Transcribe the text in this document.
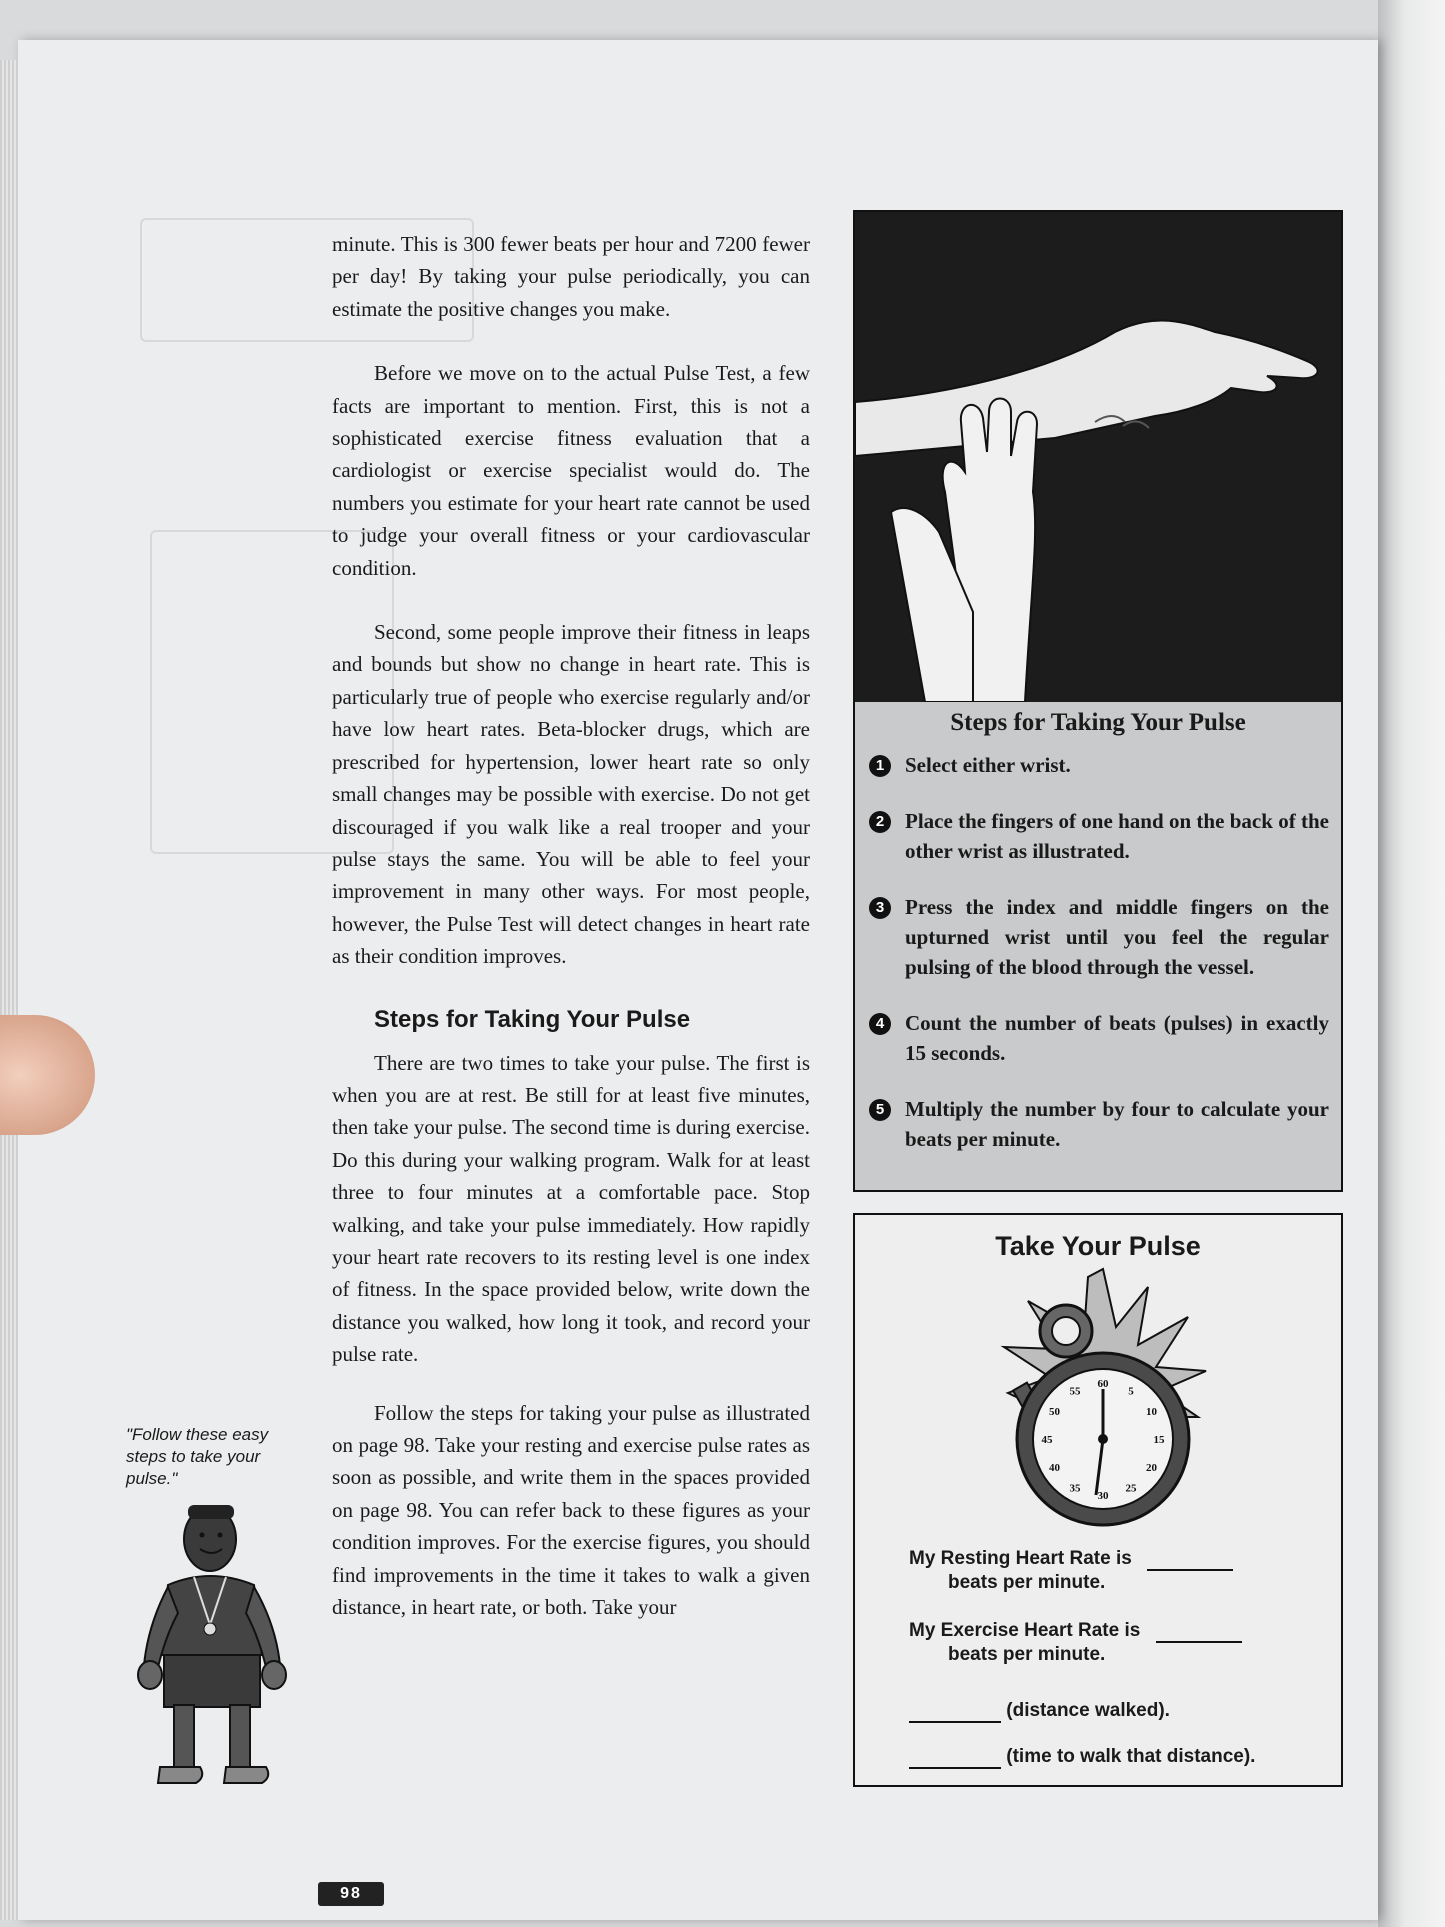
minute. This is 300 fewer beats per hour and 7200 fewer per day! By taking your pulse periodically, you can estimate the positive changes you make.

Before we move on to the actual Pulse Test, a few facts are important to mention. First, this is not a sophisticated exercise fitness evaluation that a cardiologist or exercise specialist would do. The numbers you estimate for your heart rate cannot be used to judge your overall fitness or your cardiovascular condition.

Second, some people improve their fitness in leaps and bounds but show no change in heart rate. This is particularly true of people who exercise regularly and/or have low heart rates. Beta-blocker drugs, which are prescribed for hypertension, lower heart rate so only small changes may be possible with exercise. Do not get discouraged if you walk like a real trooper and your pulse stays the same. You will be able to feel your improvement in many other ways. For most people, however, the Pulse Test will detect changes in heart rate as their condition improves.

Steps for Taking Your Pulse

There are two times to take your pulse. The first is when you are at rest. Be still for at least five minutes, then take your pulse. The second time is during exercise. Do this during your walking program. Walk for at least three to four minutes at a comfortable pace. Stop walking, and take your pulse immediately. How rapidly your heart rate recovers to its resting level is one index of fitness. In the space provided below, write down the distance you walked, how long it took, and record your pulse rate.

Follow the steps for taking your pulse as illustrated on page 98. Take your resting and exercise pulse rates as soon as possible, and write them in the spaces provided on page 98. You can refer back to these figures as your condition improves. For the exercise figures, you should find improvements in the time it takes to walk a given distance, in heart rate, or both. Take your

"Follow these easy steps to take your pulse."
98
Steps for Taking Your Pulse
1 Select either wrist.
2 Place the fingers of one hand on the back of the other wrist as illustrated.
3 Press the index and middle fingers on the upturned wrist until you feel the regular pulsing of the blood through the vessel.
4 Count the number of beats (pulses) in exactly 15 seconds.
5 Multiply the number by four to calculate your beats per minute.
Take Your Pulse
60
5
10
15
20
25
30
35
40
45
50
55
My Resting Heart Rate is
beats per minute.
My Exercise Heart Rate is
beats per minute.
(distance walked).
(time to walk that distance).
